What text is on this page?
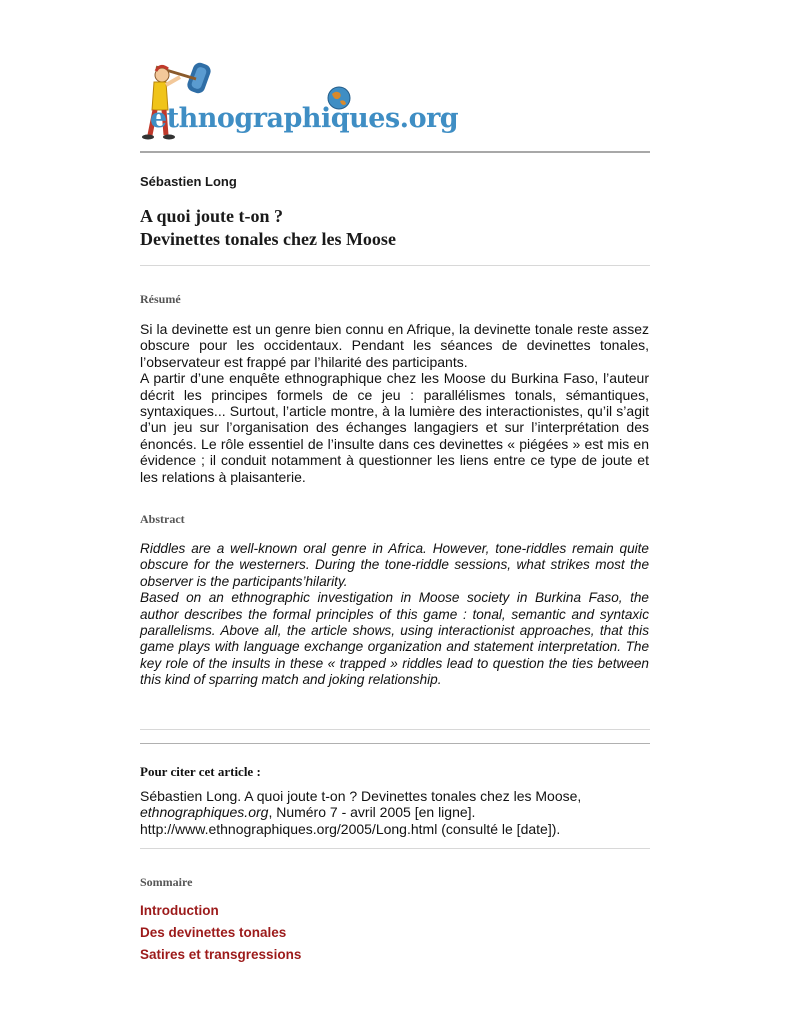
ethnographiques.org
Sébastien Long
A quoi joute t-on ?
Devinettes tonales chez les Moose
Résumé

Si la devinette est un genre bien connu en Afrique, la devinette tonale reste assez obscure pour les occidentaux. Pendant les séances de devinettes tonales, l’observateur est frappé par l’hilarité des participants.

A partir d’une enquête ethnographique chez les Moose du Burkina Faso, l’auteur décrit les principes formels de ce jeu : parallélismes tonals, sémantiques, syntaxiques... Surtout, l’article montre, à la lumière des interactionistes, qu’il s’agit d’un jeu sur l’organisation des échanges langagiers et sur l’interprétation des énoncés. Le rôle essentiel de l’insulte dans ces devinettes « piégées » est mis en évidence ; il conduit notamment à questionner les liens entre ce type de joute et les relations à plaisanterie.

Abstract

Riddles are a well-known oral genre in Africa. However, tone-riddles remain quite obscure for the westerners. During the tone-riddle sessions, what strikes most the observer is the participants’hilarity.

Based on an ethnographic investigation in Moose society in Burkina Faso, the author describes the formal principles of this game : tonal, semantic and syntaxic parallelisms. Above all, the article shows, using interactionist approaches, that this game plays with language exchange organization and statement interpretation. The key role of the insults in these « trapped » riddles lead to question the ties between this kind of sparring match and joking relationship.

Pour citer cet article :
Sébastien Long. A quoi joute t-on ? Devinettes tonales chez les Moose,
ethnographiques.org, Numéro 7 - avril 2005 [en ligne].
http://www.ethnographiques.org/2005/Long.html (consulté le [date]).
Sommaire
Introduction
Des devinettes tonales
Satires et transgressions
